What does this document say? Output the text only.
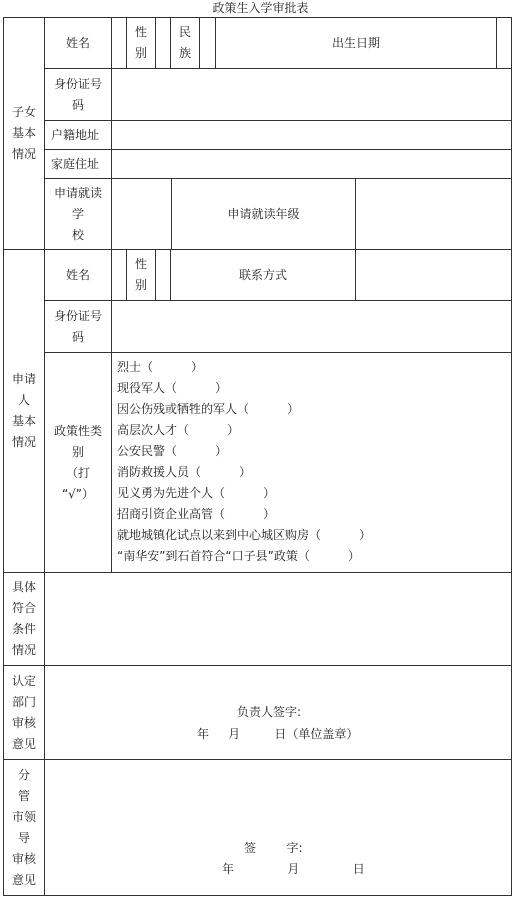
政策生入学审批表
子女
基本
情况
姓名
性
别
民
族
出生日期
身份证号
码
户籍地址
家庭住址
申请就读
学
校
申请就读年级
申请
人
基本
情况
姓名
性
别
联系方式
身份证号
码
政策性类
别
（打
“√”）
烈士（          ）
现役军人（          ）
因公伤残或牺牲的军人（          ）
高层次人才（          ）
公安民警（          ）
消防救援人员（          ）
见义勇为先进个人（          ）
招商引资企业高管（          ）
就地城镇化试点以来到中心城区购房（          ）
“南华安”到石首符合“口子县”政策（          ）
具体
符合
条件
情况
认定
部门
审核
意见
负责人签字:
年     月         日（单位盖章）
分
管
市领
导
审核
意见
签        字:
年              月              日
